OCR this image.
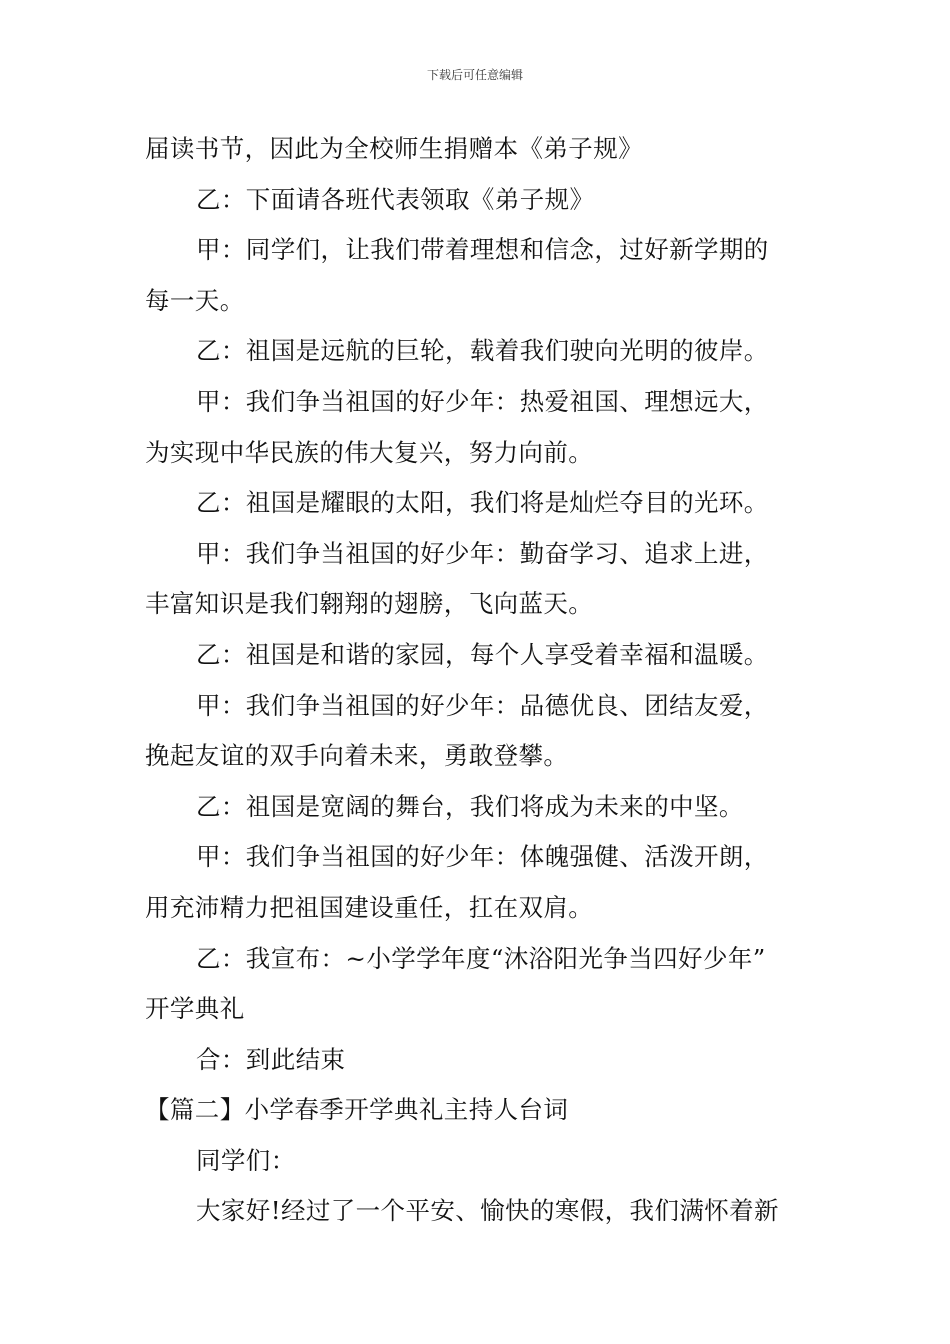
下载后可任意编辑
届读书节，因此为全校师生捐赠本《弟子规》
乙：下面请各班代表领取《弟子规》
甲：同学们，让我们带着理想和信念，过好新学期的
每一天。
乙：祖国是远航的巨轮，载着我们驶向光明的彼岸。
甲：我们争当祖国的好少年：热爱祖国、理想远大，
为实现中华民族的伟大复兴，努力向前。
乙：祖国是耀眼的太阳，我们将是灿烂夺目的光环。
甲：我们争当祖国的好少年：勤奋学习、追求上进，
丰富知识是我们翱翔的翅膀，飞向蓝天。
乙：祖国是和谐的家园，每个人享受着幸福和温暖。
甲：我们争当祖国的好少年：品德优良、团结友爱，
挽起友谊的双手向着未来，勇敢登攀。
乙：祖国是宽阔的舞台，我们将成为未来的中坚。
甲：我们争当祖国的好少年：体魄强健、活泼开朗，
用充沛精力把祖国建设重任，扛在双肩。
乙：我宣布：~小学学年度“沐浴阳光争当四好少年”
开学典礼
合：到此结束
【篇二】小学春季开学典礼主持人台词
同学们：
大家好!经过了一个平安、愉快的寒假，我们满怀着新
